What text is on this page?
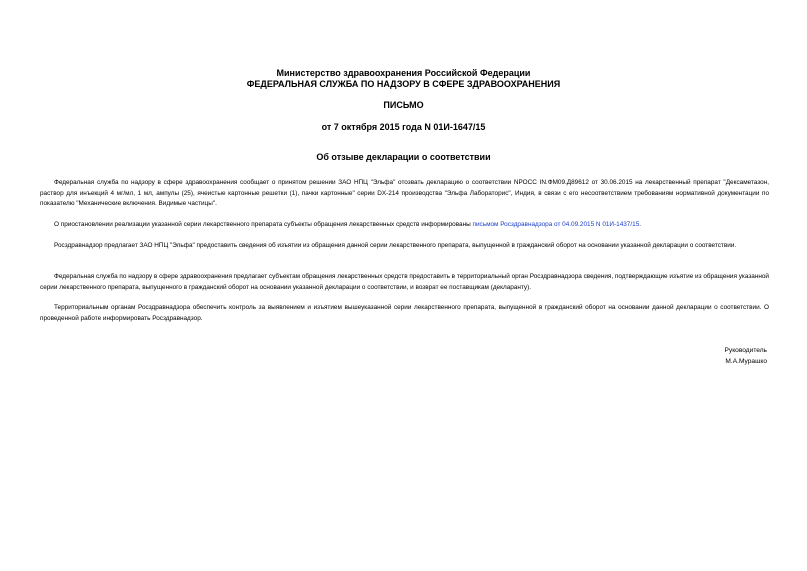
Министерство здравоохранения Российской Федерации
ФЕДЕРАЛЬНАЯ СЛУЖБА ПО НАДЗОРУ В СФЕРЕ ЗДРАВООХРАНЕНИЯ
ПИСЬМО
от 7 октября 2015 года N 01И-1647/15
Об отзыве декларации о соответствии

Федеральная служба по надзору в сфере здравоохранения сообщает о принятом решении ЗАО НПЦ "Эльфа" отозвать декларацию о соответствии NРОСС IN.ФМ09.Д89612 от 30.06.2015 на лекарственный препарат "Дексаметазон, раствор для инъекций 4 мг/мл, 1 мл, ампулы (25), ячеистые картонные решетки (1), пачки картонные" серии DX-214 производства "Эльфа Лабораторис", Индия, в связи с его несоответствием требованиям нормативной документации по показателю "Механические включения. Видимые частицы".

О приостановлении реализации указанной серии лекарственного препарата субъекты обращения лекарственных средств информированы письмом Росздравнадзора от 04.09.2015 N 01И-1437/15.

Росздравнадзор предлагает ЗАО НПЦ "Эльфа" предоставить сведения об изъятии из обращения данной серии лекарственного препарата, выпущенной в гражданский оборот на основании указанной декларации о соответствии.

Федеральная служба по надзору в сфере здравоохранения предлагает субъектам обращения лекарственных средств предоставить в территориальный орган Росздравнадзора сведения, подтверждающие изъятие из обращения указанной серии лекарственного препарата, выпущенного в гражданский оборот на основании указанной декларации о соответствии, и возврат ее поставщикам (декларанту).

Территориальным органам Росздравнадзора обеспечить контроль за выявлением и изъятием вышеуказанной серии лекарственного препарата, выпущенной в гражданский оборот на основании данной декларации о соответствии. О проведенной работе информировать Росздравнадзор.

Руководитель
М.А.Мурашко
